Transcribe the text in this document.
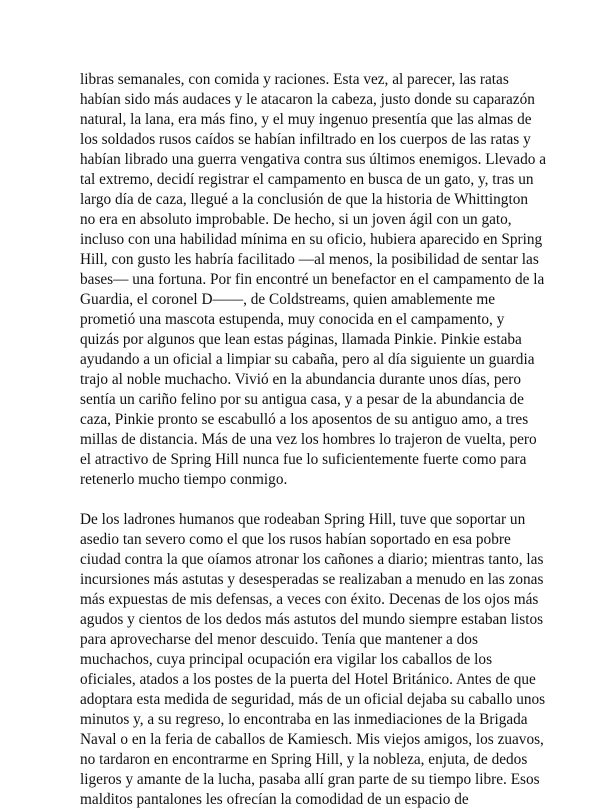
libras semanales, con comida y raciones. Esta vez, al parecer, las ratas
habían sido más audaces y le atacaron la cabeza, justo donde su caparazón
natural, la lana, era más fino, y el muy ingenuo presentía que las almas de
los soldados rusos caídos se habían infiltrado en los cuerpos de las ratas y
habían librado una guerra vengativa contra sus últimos enemigos. Llevado a
tal extremo, decidí registrar el campamento en busca de un gato, y, tras un
largo día de caza, llegué a la conclusión de que la historia de Whittington
no era en absoluto improbable. De hecho, si un joven ágil con un gato,
incluso con una habilidad mínima en su oficio, hubiera aparecido en Spring
Hill, con gusto les habría facilitado —al menos, la posibilidad de sentar las
bases— una fortuna. Por fin encontré un benefactor en el campamento de la
Guardia, el coronel D——, de Coldstreams, quien amablemente me
prometió una mascota estupenda, muy conocida en el campamento, y
quizás por algunos que lean estas páginas, llamada Pinkie. Pinkie estaba
ayudando a un oficial a limpiar su cabaña, pero al día siguiente un guardia
trajo al noble muchacho. Vivió en la abundancia durante unos días, pero
sentía un cariño felino por su antigua casa, y a pesar de la abundancia de
caza, Pinkie pronto se escabulló a los aposentos de su antiguo amo, a tres
millas de distancia. Más de una vez los hombres lo trajeron de vuelta, pero
el atractivo de Spring Hill nunca fue lo suficientemente fuerte como para
retenerlo mucho tiempo conmigo.

De los ladrones humanos que rodeaban Spring Hill, tuve que soportar un
asedio tan severo como el que los rusos habían soportado en esa pobre
ciudad contra la que oíamos atronar los cañones a diario; mientras tanto, las
incursiones más astutas y desesperadas se realizaban a menudo en las zonas
más expuestas de mis defensas, a veces con éxito. Decenas de los ojos más
agudos y cientos de los dedos más astutos del mundo siempre estaban listos
para aprovecharse del menor descuido. Tenía que mantener a dos
muchachos, cuya principal ocupación era vigilar los caballos de los
oficiales, atados a los postes de la puerta del Hotel Británico. Antes de que
adoptara esta medida de seguridad, más de un oficial dejaba su caballo unos
minutos y, a su regreso, lo encontraba en las inmediaciones de la Brigada
Naval o en la feria de caballos de Kamiesch. Mis viejos amigos, los zuavos,
no tardaron en encontrarme en Spring Hill, y la nobleza, enjuta, de dedos
ligeros y amante de la lucha, pasaba allí gran parte de su tiempo libre. Esos
malditos pantalones les ofrecían la comodidad de un espacio de
